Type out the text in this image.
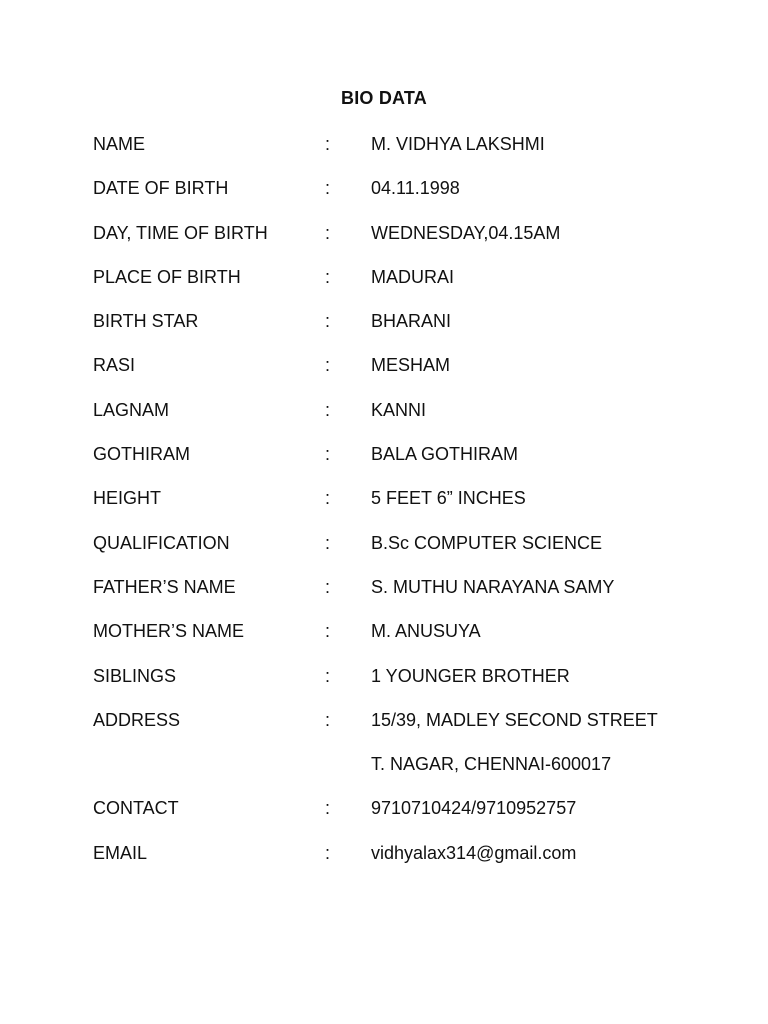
BIO DATA
NAME	: M. VIDHYA LAKSHMI
DATE OF BIRTH	: 04.11.1998
DAY, TIME OF BIRTH	: WEDNESDAY,04.15AM
PLACE OF BIRTH	: MADURAI
BIRTH STAR	: BHARANI
RASI	: MESHAM
LAGNAM	: KANNI
GOTHIRAM	: BALA GOTHIRAM
HEIGHT	: 5 FEET 6” INCHES
QUALIFICATION	: B.Sc COMPUTER SCIENCE
FATHER’S NAME	: S. MUTHU NARAYANA SAMY
MOTHER’S NAME	: M. ANUSUYA
SIBLINGS	: 1 YOUNGER BROTHER
ADDRESS	: 15/39, MADLEY SECOND STREET
T. NAGAR, CHENNAI-600017
CONTACT	: 9710710424/9710952757
EMAIL	: vidhyalax314@gmail.com
